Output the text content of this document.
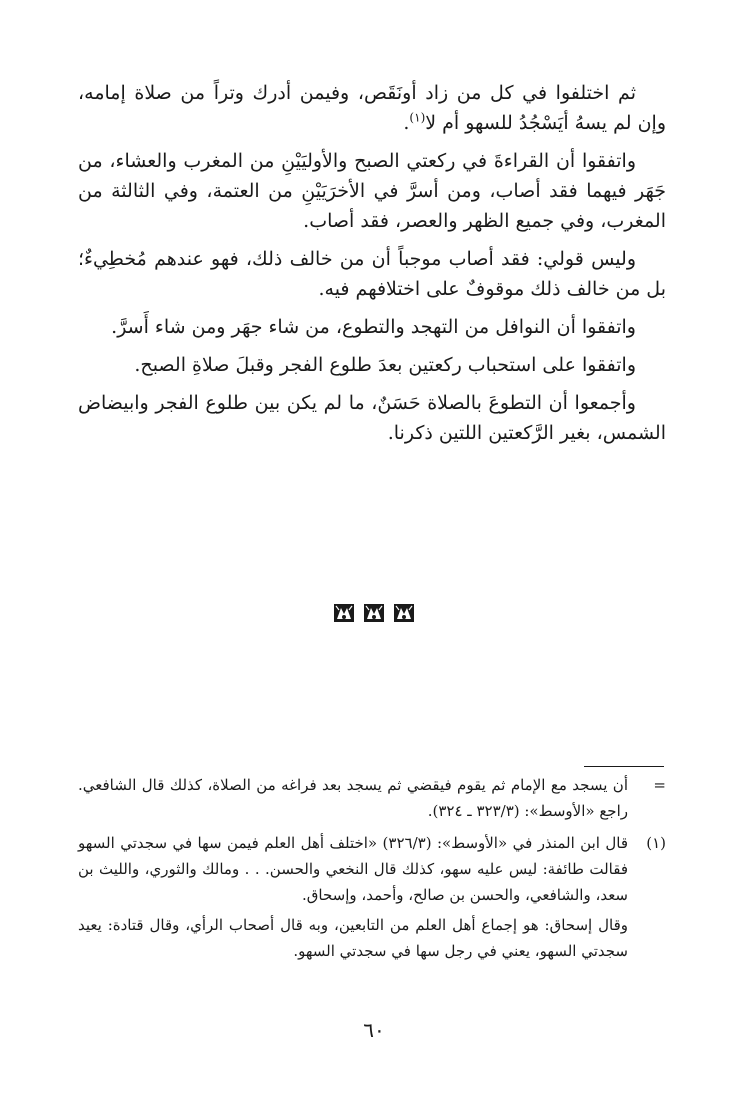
ثم اختلفوا في كل من زاد أونَقَص، وفيمن أدرك وتراً من صلاة إمامه، وإن لم يسهُ أيَسْجُدُ للسهو أم لا$^{(١)}$.

واتفقوا أن القراءةَ في ركعتي الصبح والأوليَيْنِ من المغرب والعشاء، من جَهَر فيهما فقد أصاب، ومن أسرَّ في الأخرَيَيْنِ من العتمة، وفي الثالثة من المغرب، وفي جميع الظهر والعصر، فقد أصاب.

وليس قولي: فقد أصاب موجباً أن من خالف ذلك، فهو عندهم مُخطِيءٌ؛ بل من خالف ذلك موقوفٌ على اختلافهم فيه.

واتفقوا أن النوافل من التهجد والتطوع، من شاء جهَر ومن شاء أَسرَّ.

واتفقوا على استحباب ركعتين بعدَ طلوع الفجر وقبلَ صلاةِ الصبح.

وأجمعوا أن التطوعَ بالصلاة حَسَنٌ، ما لم يكن بين طلوع الفجر وابيضاض الشمس، بغير الرَّكعتين اللتين ذكرنا.

=

أن يسجد مع الإمام ثم يقوم فيقضي ثم يسجد بعد فراغه من الصلاة، كذلك قال الشافعي. راجع «الأوسط»: (٣٢٣/٣ ـ ٣٢٤).

(١)

قال ابن المنذر في «الأوسط»: (٣٢٦/٣) «اختلف أهل العلم فيمن سها في سجدتي السهو فقالت طائفة: ليس عليه سهو، كذلك قال النخعي والحسن. . . ومالك والثوري، والليث بن سعد، والشافعي، والحسن بن صالح، وأحمد، وإسحاق.

وقال إسحاق: هو إجماع أهل العلم من التابعين، وبه قال أصحاب الرأي، وقال قتادة: يعيد سجدتي السهو، يعني في رجل سها في سجدتي السهو.

٦٠
